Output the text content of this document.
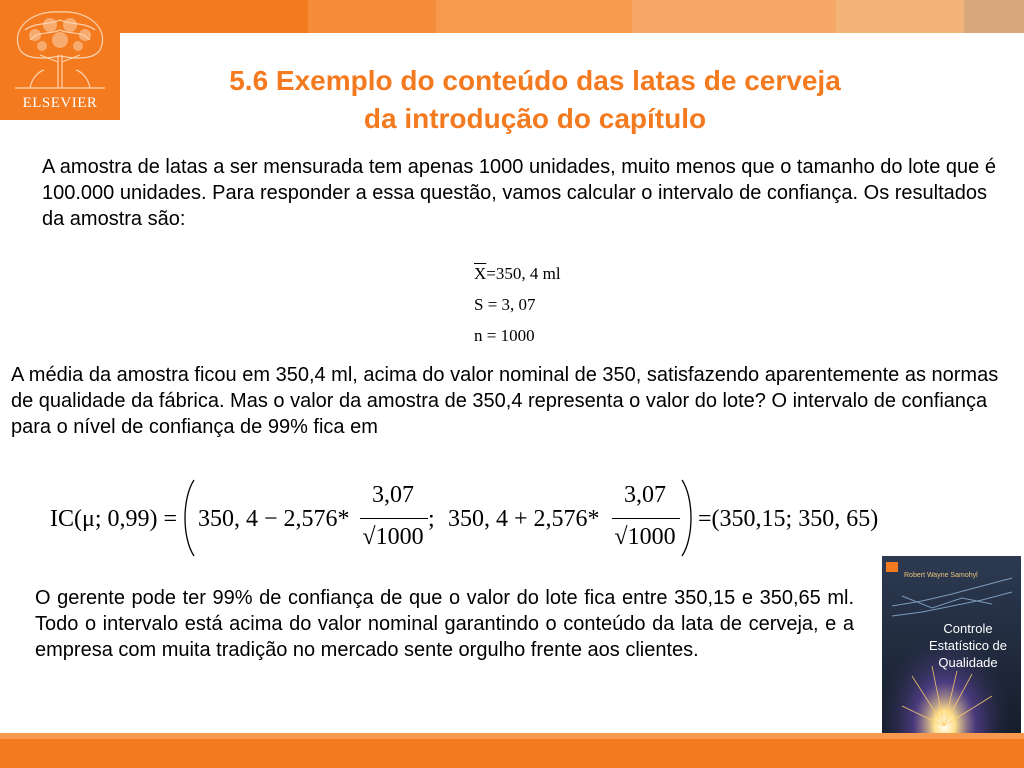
ELSEVIER
5.6 Exemplo do conteúdo das latas de cerveja
da introdução do capítulo
A amostra de latas a ser mensurada tem apenas 1000 unidades, muito menos que o tamanho do lote que é 100.000 unidades. Para responder a essa questão, vamos calcular o intervalo de confiança. Os resultados da amostra são:
$\overline{X}=350$, 4 ml
S = 3, 07
n = 1000
A média da amostra ficou em 350,4 ml, acima do valor nominal de 350, satisfazendo aparentemente as normas de qualidade da fábrica. Mas o valor da amostra de 350,4 representa o valor do lote? O intervalo de confiança para o nível de confiança de 99% fica em
IC(μ; 0,99) = 350, 4 − 2,576*
3,07
√1000
; 350, 4 + 2,576*
3,07
√1000
=(350,15; 350, 65)
O gerente pode ter 99% de confiança de que o valor do lote fica entre 350,15 e 350,65 ml. Todo o intervalo está acima do valor nominal garantindo o conteúdo da lata de cerveja, e a empresa com muita tradição no mercado sente orgulho frente aos clientes.
Robert Wayne Samohyl
Controle Estatístico de Qualidade
